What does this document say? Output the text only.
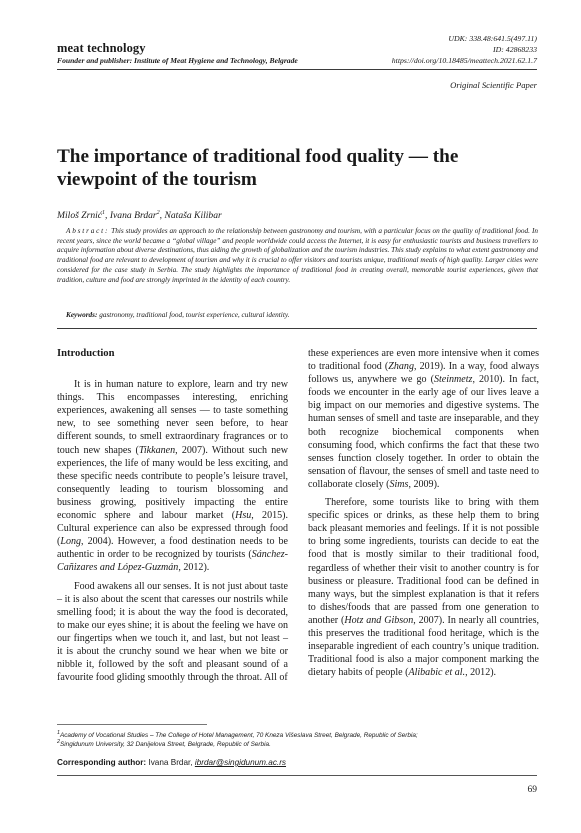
meat technology
Founder and publisher: Institute of Meat Hygiene and Technology, Belgrade
UDK: 338.48:641.5(497.11)
ID: 42868233
https://doi.org/10.18485/meattech.2021.62.1.7
Original Scientific Paper
The importance of traditional food quality — the viewpoint of the tourism
Miloš Zrnić$^1$, Ivana Brdar$^2$, Nataša Kilibar
Abstract: This study provides an approach to the relationship between gastronomy and tourism, with a particular focus on the quality of traditional food. In recent years, since the world became a “global village” and people worldwide could access the Internet, it is easy for enthusiastic tourists and business travellers to acquire information about diverse destinations, thus aiding the growth of globalization and the tourism industries. This study explains to what extent gastronomy and traditional food are relevant to development of tourism and why it is crucial to offer visitors and tourists unique, traditional meals of high quality. Larger cities were considered for the case study in Serbia. The study highlights the importance of traditional food in creating overall, memorable tourist experiences, given that tradition, culture and food are strongly imprinted in the identity of each country.
Keywords: gastronomy, traditional food, tourist experience, cultural identity.
Introduction

It is in human nature to explore, learn and try new things. This encompasses interesting, enriching experiences, awakening all senses — to taste something new, to see something never seen before, to hear different sounds, to smell extraordinary fragrances or to touch new shapes (Tikkanen, 2007). Without such new experiences, the life of many would be less exciting, and these specific needs contribute to people’s leisure travel, consequently leading to tourism blossoming and business growing, positively impacting the entire economic sphere and labour market (Hsu, 2015). Cultural experience can also be expressed through food (Long, 2004). However, a food destination needs to be authentic in order to be recognized by tourists (Sánchez-Cañizares and López-Guzmán, 2012).

Food awakens all our senses. It is not just about taste – it is also about the scent that caresses our nostrils while smelling food; it is about the way the food is decorated, to make our eyes shine; it is about the feeling we have on our fingertips when we touch it, and last, but not least – it is about the crunchy sound we hear when we bite or nibble it, followed by the soft and pleasant sound of a favourite food gliding smoothly through the throat. All of

these experiences are even more intensive when it comes to traditional food (Zhang, 2019). In a way, food always follows us, anywhere we go (Steinmetz, 2010). In fact, foods we encounter in the early age of our lives leave a big impact on our memories and digestive systems. The human senses of smell and taste are inseparable, and they both recognize biochemical components when consuming food, which confirms the fact that these two senses function closely together. In order to obtain the sensation of flavour, the senses of smell and taste need to collaborate closely (Sims, 2009).

Therefore, some tourists like to bring with them specific spices or drinks, as these help them to bring back pleasant memories and feelings. If it is not possible to bring some ingredients, tourists can decide to eat the food that is mostly similar to their traditional food, regardless of whether their visit to another country is for business or pleasure. Traditional food can be defined in many ways, but the simplest explanation is that it refers to dishes/foods that are passed from one generation to another (Hotz and Gibson, 2007). In nearly all countries, this preserves the traditional food heritage, which is the inseparable ingredient of each country’s unique tradition. Traditional food is also a major component marking the dietary habits of people (Alibabic et al., 2012).

$^1$Academy of Vocational Studies – The College of Hotel Management, 70 Kneza Višeslava Street, Belgrade, Republic of Serbia;
$^2$Singidunum University, 32 Danijelova Street, Belgrade, Republic of Serbia.
Corresponding author: Ivana Brdar, ibrdar@singidunum.ac.rs
69
